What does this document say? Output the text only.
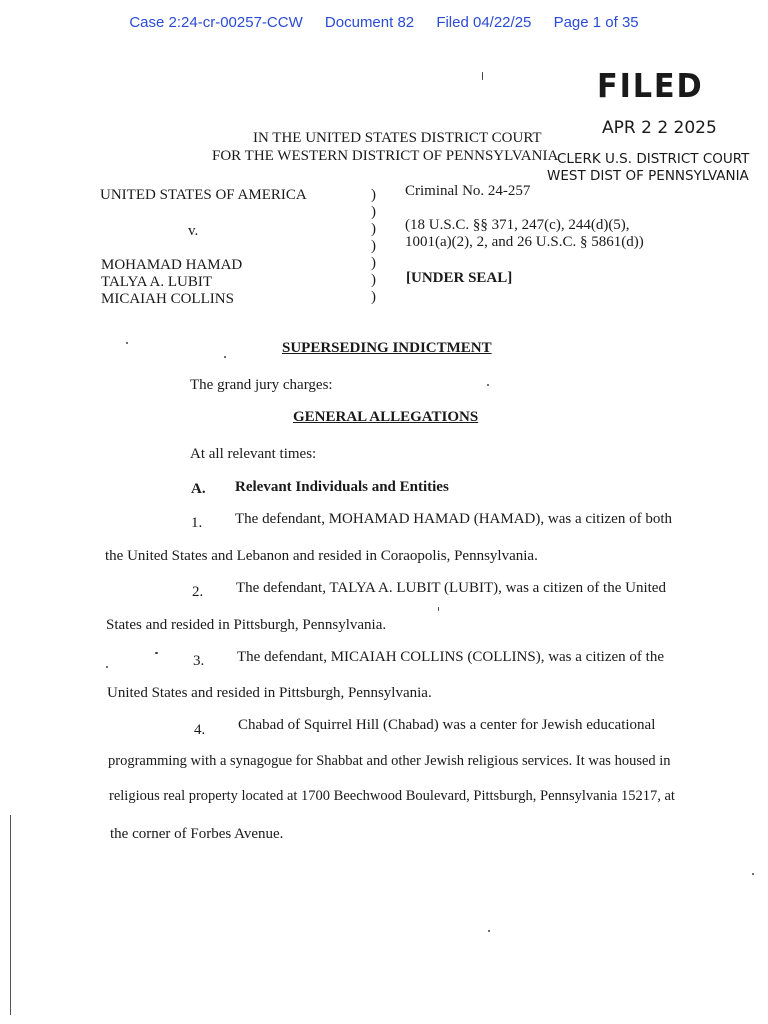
Case 2:24-cr-00257-CCW Document 82 Filed 04/22/25 Page 1 of 35
FILED
APR 2 2 2025
CLERK U.S. DISTRICT COURT
WEST DIST OF PENNSYLVANIA
IN THE UNITED STATES DISTRICT COURT
FOR THE WESTERN DISTRICT OF PENNSYLVANIA
UNITED STATES OF AMERICA
v.
MOHAMAD HAMAD
TALYA A. LUBIT
MICAIAH COLLINS
)
)
)
)
)
)
)
Criminal No. 24-257
(18 U.S.C. §§ 371, 247(c), 244(d)(5),
1001(a)(2), 2, and 26 U.S.C. § 5861(d))
[UNDER SEAL]
SUPERSEDING INDICTMENT
The grand jury charges:
GENERAL ALLEGATIONS
At all relevant times:
A. Relevant Individuals and Entities
1. The defendant, MOHAMAD HAMAD (HAMAD), was a citizen of both
the United States and Lebanon and resided in Coraopolis, Pennsylvania.
2. The defendant, TALYA A. LUBIT (LUBIT), was a citizen of the United
States and resided in Pittsburgh, Pennsylvania.
3. The defendant, MICAIAH COLLINS (COLLINS), was a citizen of the
United States and resided in Pittsburgh, Pennsylvania.
4. Chabad of Squirrel Hill (Chabad) was a center for Jewish educational
programming with a synagogue for Shabbat and other Jewish religious services. It was housed in
religious real property located at 1700 Beechwood Boulevard, Pittsburgh, Pennsylvania 15217, at
the corner of Forbes Avenue.
